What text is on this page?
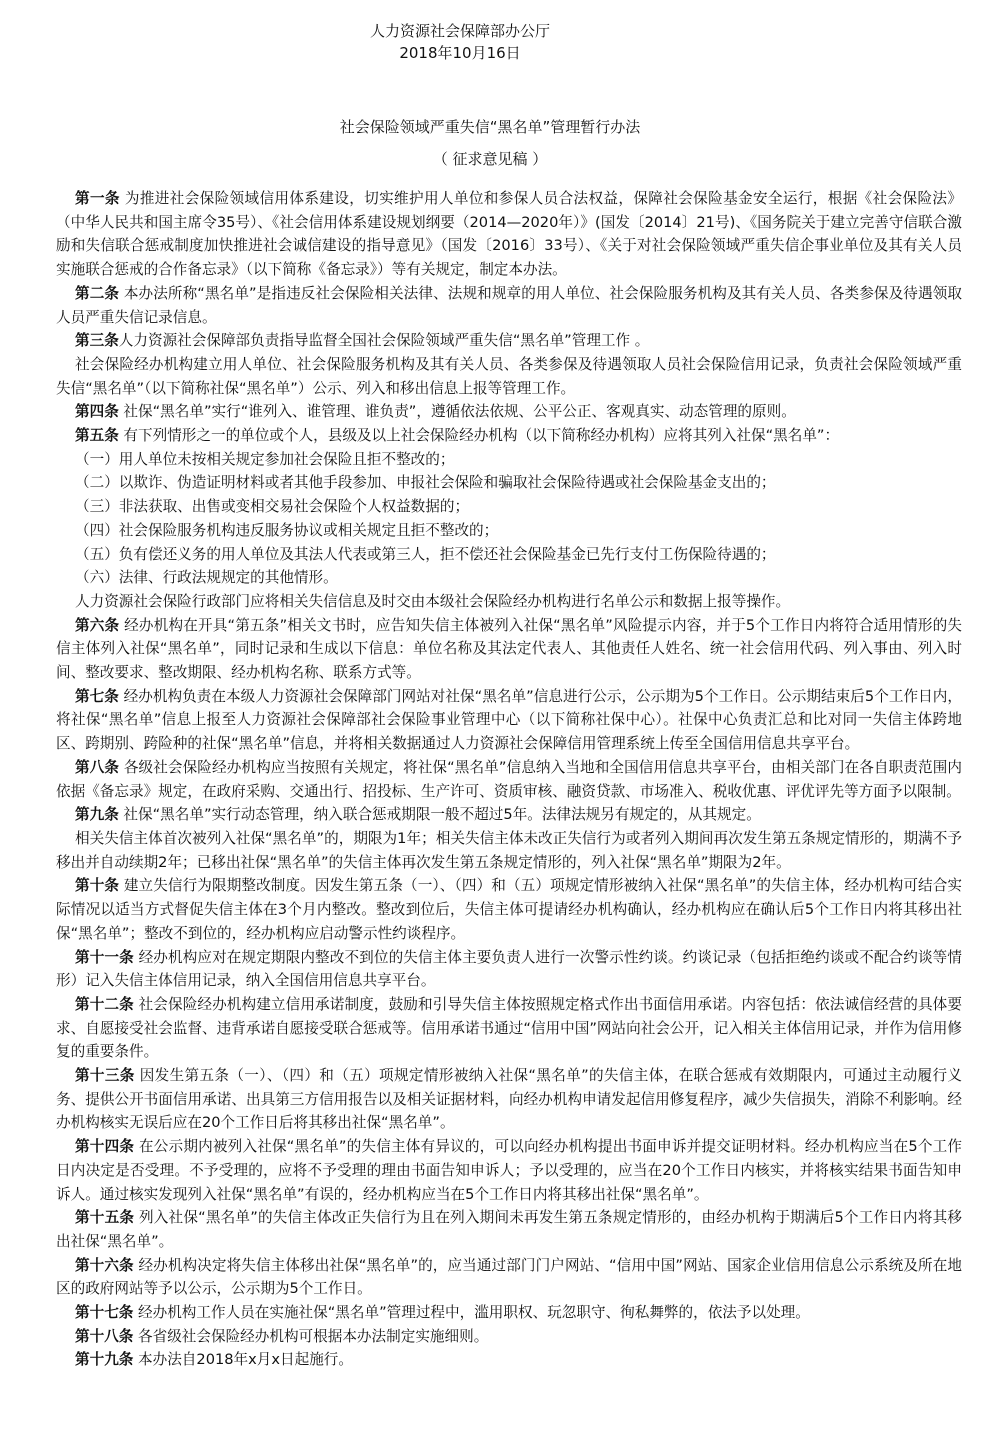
人力资源社会保障部办公厅
2018年10月16日
社会保险领域严重失信“黑名单”管理暂行办法
（ 征求意见稿 ）

第一条 为推进社会保险领域信用体系建设，切实维护用人单位和参保人员合法权益，保障社会保险基金安全运行，根据《社会保险法》（中华人民共和国主席令35号）、《社会信用体系建设规划纲要（2014—2020年）》(国发〔2014〕21号)、《国务院关于建立完善守信联合激励和失信联合惩戒制度加快推进社会诚信建设的指导意见》（国发〔2016〕33号）、《关于对社会保险领域严重失信企事业单位及其有关人员实施联合惩戒的合作备忘录》（以下简称《备忘录》）等有关规定，制定本办法。

第二条 本办法所称“黑名单”是指违反社会保险相关法律、法规和规章的用人单位、社会保险服务机构及其有关人员、各类参保及待遇领取人员严重失信记录信息。

第三条人力资源社会保障部负责指导监督全国社会保险领域严重失信“黑名单”管理工作 。

社会保险经办机构建立用人单位、社会保险服务机构及其有关人员、各类参保及待遇领取人员社会保险信用记录，负责社会保险领域严重失信“黑名单”（以下简称社保“黑名单”）公示、列入和移出信息上报等管理工作。

第四条 社保“黑名单”实行“谁列入、谁管理、谁负责”，遵循依法依规、公平公正、客观真实、动态管理的原则。

第五条 有下列情形之一的单位或个人，县级及以上社会保险经办机构（以下简称经办机构）应将其列入社保“黑名单”：

（一）用人单位未按相关规定参加社会保险且拒不整改的；

（二）以欺诈、伪造证明材料或者其他手段参加、申报社会保险和骗取社会保险待遇或社会保险基金支出的；

（三）非法获取、出售或变相交易社会保险个人权益数据的；

（四）社会保险服务机构违反服务协议或相关规定且拒不整改的；

（五）负有偿还义务的用人单位及其法人代表或第三人，拒不偿还社会保险基金已先行支付工伤保险待遇的；

（六）法律、行政法规规定的其他情形。

人力资源社会保险行政部门应将相关失信信息及时交由本级社会保险经办机构进行名单公示和数据上报等操作。

第六条 经办机构在开具“第五条”相关文书时，应告知失信主体被列入社保“黑名单”风险提示内容，并于5个工作日内将符合适用情形的失信主体列入社保“黑名单”，同时记录和生成以下信息：单位名称及其法定代表人、其他责任人姓名、统一社会信用代码、列入事由、列入时间、整改要求、整改期限、经办机构名称、联系方式等。

第七条 经办机构负责在本级人力资源社会保障部门网站对社保“黑名单”信息进行公示，公示期为5个工作日。公示期结束后5个工作日内，将社保“黑名单”信息上报至人力资源社会保障部社会保险事业管理中心（以下简称社保中心）。社保中心负责汇总和比对同一失信主体跨地区、跨期别、跨险种的社保“黑名单”信息，并将相关数据通过人力资源社会保障信用管理系统上传至全国信用信息共享平台。

第八条 各级社会保险经办机构应当按照有关规定，将社保“黑名单”信息纳入当地和全国信用信息共享平台，由相关部门在各自职责范围内依据《备忘录》规定，在政府采购、交通出行、招投标、生产许可、资质审核、融资贷款、市场准入、税收优惠、评优评先等方面予以限制。

第九条 社保“黑名单”实行动态管理，纳入联合惩戒期限一般不超过5年。法律法规另有规定的，从其规定。

相关失信主体首次被列入社保“黑名单”的，期限为1年；相关失信主体未改正失信行为或者列入期间再次发生第五条规定情形的，期满不予移出并自动续期2年；已移出社保“黑名单”的失信主体再次发生第五条规定情形的，列入社保“黑名单”期限为2年。

第十条 建立失信行为限期整改制度。因发生第五条（一）、（四）和（五）项规定情形被纳入社保“黑名单”的失信主体，经办机构可结合实际情况以适当方式督促失信主体在3个月内整改。整改到位后，失信主体可提请经办机构确认，经办机构应在确认后5个工作日内将其移出社保“黑名单”；整改不到位的，经办机构应启动警示性约谈程序。

第十一条 经办机构应对在规定期限内整改不到位的失信主体主要负责人进行一次警示性约谈。约谈记录（包括拒绝约谈或不配合约谈等情形）记入失信主体信用记录，纳入全国信用信息共享平台。

第十二条 社会保险经办机构建立信用承诺制度，鼓励和引导失信主体按照规定格式作出书面信用承诺。内容包括：依法诚信经营的具体要求、自愿接受社会监督、违背承诺自愿接受联合惩戒等。信用承诺书通过“信用中国”网站向社会公开，记入相关主体信用记录，并作为信用修复的重要条件。

第十三条 因发生第五条（一）、（四）和（五）项规定情形被纳入社保“黑名单”的失信主体，在联合惩戒有效期限内，可通过主动履行义务、提供公开书面信用承诺、出具第三方信用报告以及相关证据材料，向经办机构申请发起信用修复程序，减少失信损失，消除不利影响。经办机构核实无误后应在20个工作日后将其移出社保“黑名单”。

第十四条 在公示期内被列入社保“黑名单”的失信主体有异议的，可以向经办机构提出书面申诉并提交证明材料。经办机构应当在5个工作日内决定是否受理。不予受理的，应将不予受理的理由书面告知申诉人；予以受理的，应当在20个工作日内核实，并将核实结果书面告知申诉人。通过核实发现列入社保“黑名单”有误的，经办机构应当在5个工作日内将其移出社保“黑名单”。

第十五条 列入社保“黑名单”的失信主体改正失信行为且在列入期间未再发生第五条规定情形的，由经办机构于期满后5个工作日内将其移出社保“黑名单”。

第十六条 经办机构决定将失信主体移出社保“黑名单”的，应当通过部门门户网站、“信用中国”网站、国家企业信用信息公示系统及所在地区的政府网站等予以公示，公示期为5个工作日。

第十七条 经办机构工作人员在实施社保“黑名单”管理过程中，滥用职权、玩忽职守、徇私舞弊的，依法予以处理。

第十八条 各省级社会保险经办机构可根据本办法制定实施细则。

第十九条 本办法自2018年x月x日起施行。
